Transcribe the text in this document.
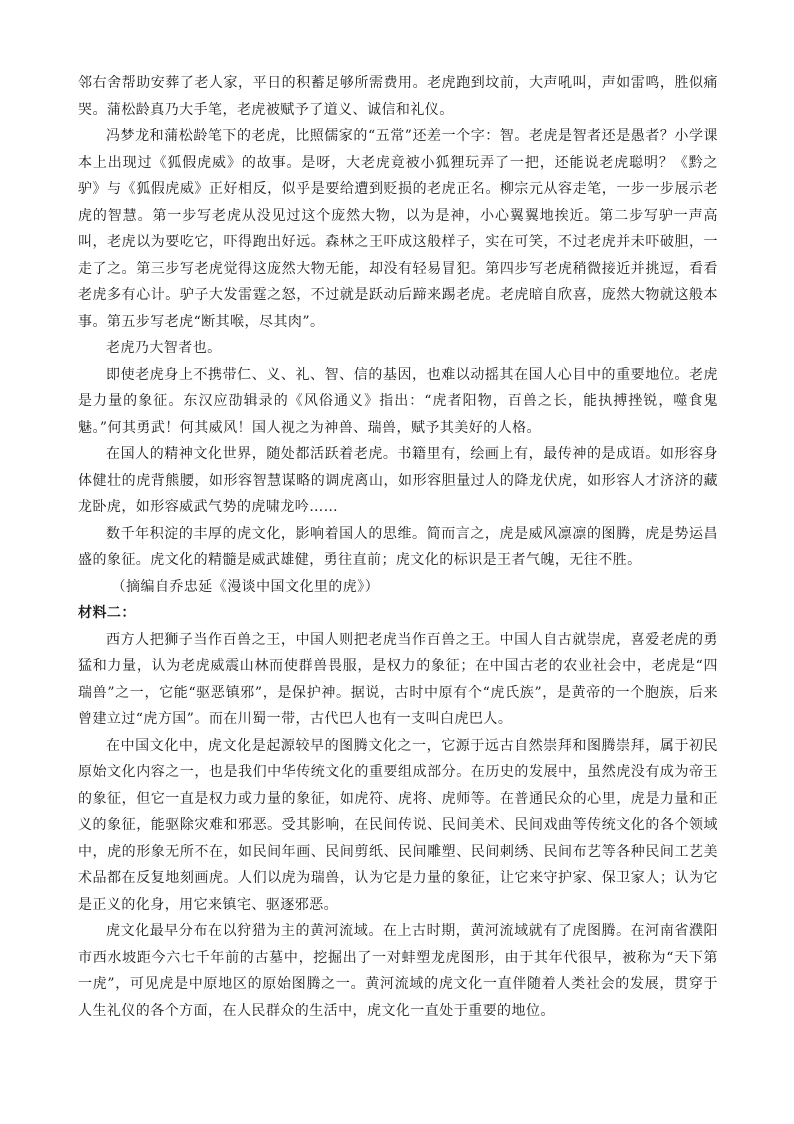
邻右舍帮助安葬了老人家，平日的积蓄足够所需费用。老虎跑到坟前，大声吼叫，声如雷鸣，胜似痛哭。蒲松龄真乃大手笔，老虎被赋予了道义、诚信和礼仪。

冯梦龙和蒲松龄笔下的老虎，比照儒家的“五常”还差一个字：智。老虎是智者还是愚者？小学课本上出现过《狐假虎威》的故事。是呀，大老虎竟被小狐狸玩弄了一把，还能说老虎聪明？《黔之驴》与《狐假虎威》正好相反，似乎是要给遭到贬损的老虎正名。柳宗元从容走笔，一步一步展示老虎的智慧。第一步写老虎从没见过这个庞然大物，以为是神，小心翼翼地挨近。第二步写驴一声高叫，老虎以为要吃它，吓得跑出好远。森林之王吓成这般样子，实在可笑，不过老虎并未吓破胆，一走了之。第三步写老虎觉得这庞然大物无能，却没有轻易冒犯。第四步写老虎稍微接近并挑逗，看看老虎多有心计。驴子大发雷霆之怒，不过就是跃动后蹄来踢老虎。老虎暗自欣喜，庞然大物就这般本事。第五步写老虎“断其喉，尽其肉”。

老虎乃大智者也。

即使老虎身上不携带仁、义、礼、智、信的基因，也难以动摇其在国人心目中的重要地位。老虎是力量的象征。东汉应劭辑录的《风俗通义》指出：“虎者阳物，百兽之长，能执搏挫锐，噬食鬼魅。”何其勇武！何其威风！国人视之为神兽、瑞兽，赋予其美好的人格。

在国人的精神文化世界，随处都活跃着老虎。书籍里有，绘画上有，最传神的是成语。如形容身体健壮的虎背熊腰，如形容智慧谋略的调虎离山，如形容胆量过人的降龙伏虎，如形容人才济济的藏龙卧虎，如形容威武气势的虎啸龙吟……

数千年积淀的丰厚的虎文化，影响着国人的思维。简而言之，虎是威风凛凛的图腾，虎是势运昌盛的象征。虎文化的精髓是威武雄健，勇往直前；虎文化的标识是王者气魄，无往不胜。

（摘编自乔忠延《漫谈中国文化里的虎》）

材料二：

西方人把狮子当作百兽之王，中国人则把老虎当作百兽之王。中国人自古就崇虎，喜爱老虎的勇猛和力量，认为老虎威震山林而使群兽畏服，是权力的象征；在中国古老的农业社会中，老虎是“四瑞兽”之一，它能“驱恶镇邪”，是保护神。据说，古时中原有个“虎氏族”，是黄帝的一个胞族，后来曾建立过“虎方国”。而在川蜀一带，古代巴人也有一支叫白虎巴人。

在中国文化中，虎文化是起源较早的图腾文化之一，它源于远古自然崇拜和图腾崇拜，属于初民原始文化内容之一，也是我们中华传统文化的重要组成部分。在历史的发展中，虽然虎没有成为帝王的象征，但它一直是权力或力量的象征，如虎符、虎将、虎师等。在普通民众的心里，虎是力量和正义的象征，能驱除灾难和邪恶。受其影响，在民间传说、民间美术、民间戏曲等传统文化的各个领域中，虎的形象无所不在，如民间年画、民间剪纸、民间雕塑、民间刺绣、民间布艺等各种民间工艺美术品都在反复地刻画虎。人们以虎为瑞兽，认为它是力量的象征，让它来守护家、保卫家人；认为它是正义的化身，用它来镇宅、驱逐邪恶。

虎文化最早分布在以狩猎为主的黄河流域。在上古时期，黄河流域就有了虎图腾。在河南省濮阳市西水坡距今六七千年前的古墓中，挖掘出了一对蚌塑龙虎图形，由于其年代很早，被称为“天下第一虎”，可见虎是中原地区的原始图腾之一。黄河流域的虎文化一直伴随着人类社会的发展，贯穿于人生礼仪的各个方面，在人民群众的生活中，虎文化一直处于重要的地位。
